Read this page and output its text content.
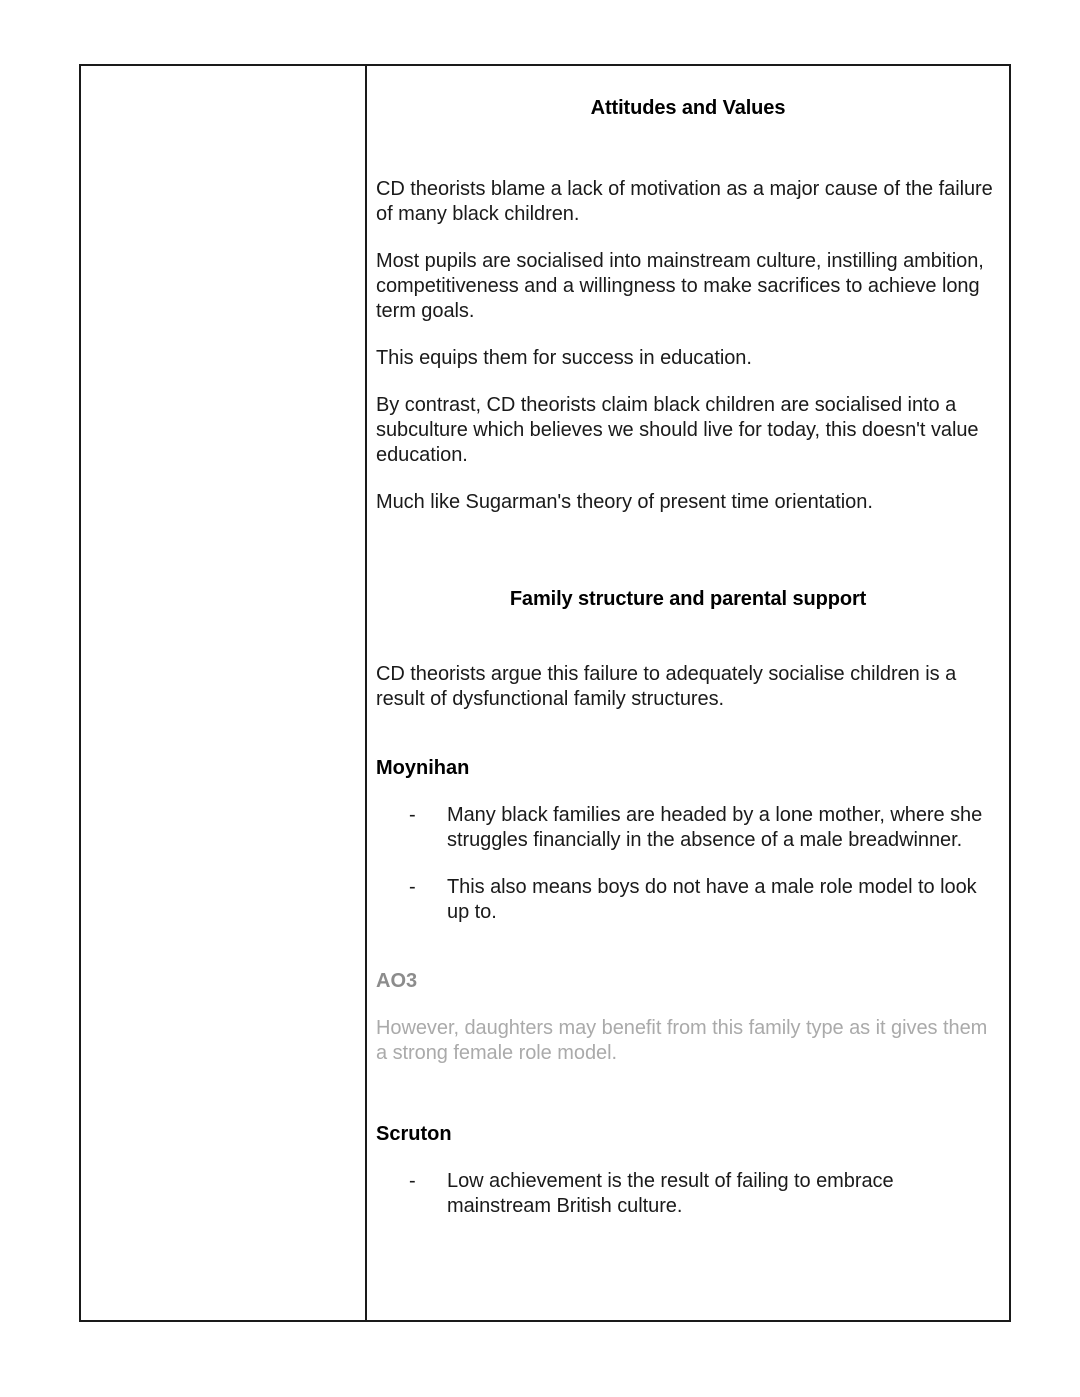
Attitudes and Values

CD theorists blame a lack of motivation as a major cause of the failure of many black children.

Most pupils are socialised into mainstream culture, instilling ambition, competitiveness and a willingness to make sacrifices to achieve long term goals.

This equips them for success in education.

By contrast, CD theorists claim black children are socialised into a subculture which believes we should live for today, this doesn't value education.

Much like Sugarman's theory of present time orientation.

Family structure and parental support

CD theorists argue this failure to adequately socialise children is a result of dysfunctional family structures.

Moynihan
- Many black families are headed by a lone mother, where she struggles financially in the absence of a male breadwinner.
- This also means boys do not have a male role model to look up to.

AO3

However, daughters may benefit from this family type as it gives them a strong female role model.

Scruton
- Low achievement is the result of failing to embrace mainstream British culture.
